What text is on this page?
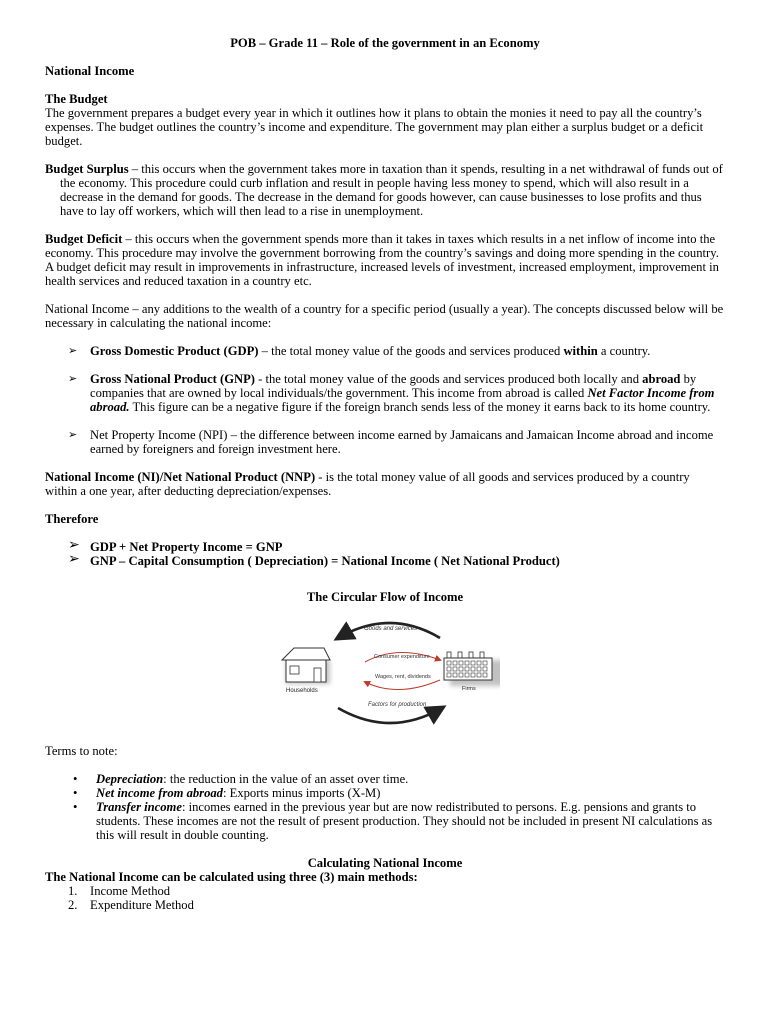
POB – Grade 11 – Role of the government in an Economy

National Income

The Budget

The government prepares a budget every year in which it outlines how it plans to obtain the monies it need to pay all the country’s expenses. The budget outlines the country’s income and expenditure. The government may plan either a surplus budget or a deficit budget.

Budget Surplus – this occurs when the government takes more in taxation than it spends, resulting in a net withdrawal of funds out of the economy. This procedure could curb inflation and result in people having less money to spend, which will also result in a decrease in the demand for goods. The decrease in the demand for goods however, can cause businesses to lose profits and thus have to lay off workers, which will then lead to a rise in unemployment.

Budget Deficit – this occurs when the government spends more than it takes in taxes which results in a net inflow of income into the economy. This procedure may involve the government borrowing from the country’s savings and doing more spending in the country. A budget deficit may result in improvements in infrastructure, increased levels of investment, increased employment, improvement in health services and reduced taxation in a country etc.

National Income – any additions to the wealth of a country for a specific period (usually a year). The concepts discussed below will be necessary in calculating the national income:

➢ Gross Domestic Product (GDP) – the total money value of the goods and services produced within a country.
➢ Gross National Product (GNP) - the total money value of the goods and services produced both locally and abroad by companies that are owned by local individuals/the government. This income from abroad is called Net Factor Income from abroad. This figure can be a negative figure if the foreign branch sends less of the money it earns back to its home country.
➢ Net Property Income (NPI) – the difference between income earned by Jamaicans and Jamaican Income abroad and income earned by foreigners and foreign investment here.

National Income (NI)/Net National Product (NNP) - is the total money value of all goods and services produced by a country within a one year, after deducting depreciation/expenses.

Therefore

➢ GDP + Net Property Income = GNP
➢ GNP – Capital Consumption ( Depreciation) = National Income ( Net National Product)

The Circular Flow of Income

Goods and services
Consumer expenditure
Wages, rent, dividends
Factors for production
Households	Firms

Terms to note:

• Depreciation: the reduction in the value of an asset over time.
• Net income from abroad: Exports minus imports (X-M)
• Transfer income: incomes earned in the previous year but are now redistributed to persons. E.g. pensions and grants to students. These incomes are not the result of present production. They should not be included in present NI calculations as this will result in double counting.

Calculating National Income

The National Income can be calculated using three (3) main methods:

1. Income Method
2. Expenditure Method
